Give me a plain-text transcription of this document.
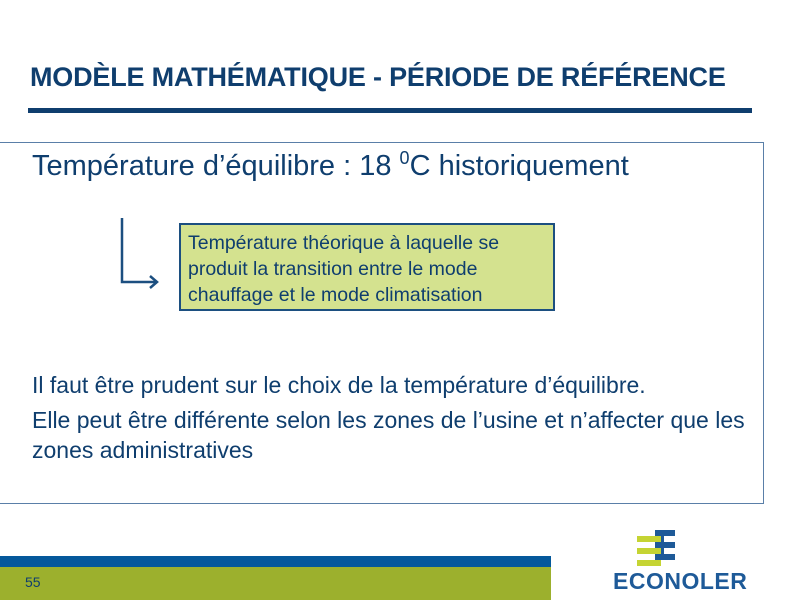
MODÈLE MATHÉMATIQUE - PÉRIODE DE RÉFÉRENCE
Température d’équilibre : 18 $^0$C historiquement
Température théorique à laquelle se produit la transition entre le mode chauffage et le mode climatisation
Il faut être prudent sur le choix de la température d’équilibre.
Elle peut être différente selon les zones de l’usine et n’affecter que les zones administratives
55	ECONOLER
